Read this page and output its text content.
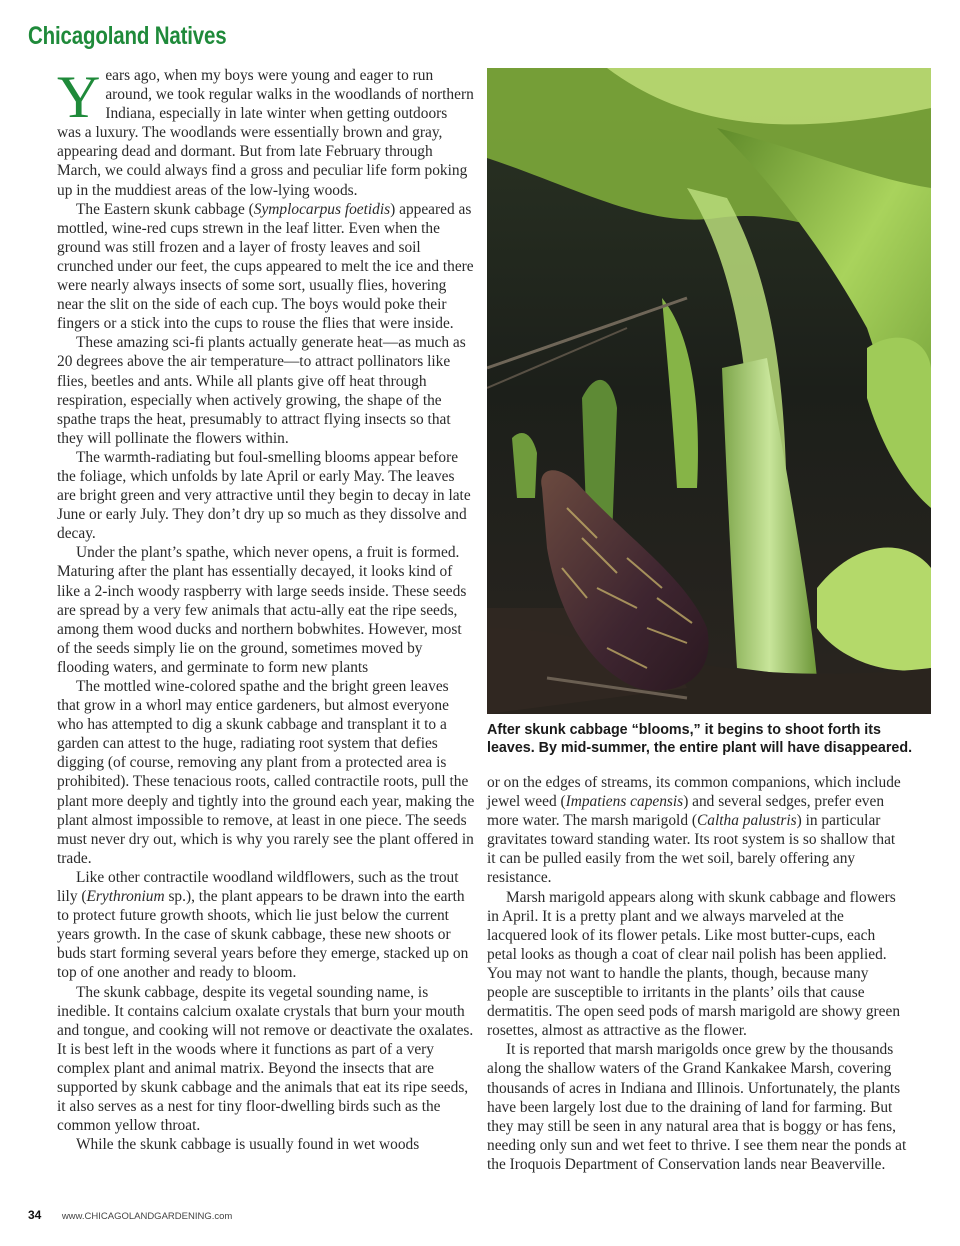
Chicagoland Natives
Y ears ago, when my boys were young and eager to run around, we took regular walks in the woodlands of northern Indiana, especially in late winter when getting outdoors was a luxury. The woodlands were essentially brown and gray, appearing dead and dormant. But from late February through March, we could always find a gross and peculiar life form poking up in the muddiest areas of the low-lying woods.

The Eastern skunk cabbage (Symplocarpus foetidis) appeared as mottled, wine-red cups strewn in the leaf litter. Even when the ground was still frozen and a layer of frosty leaves and soil crunched under our feet, the cups appeared to melt the ice and there were nearly always insects of some sort, usually flies, hovering near the slit on the side of each cup. The boys would poke their fingers or a stick into the cups to rouse the flies that were inside.

These amazing sci-fi plants actually generate heat—as much as 20 degrees above the air temperature—to attract pollinators like flies, beetles and ants. While all plants give off heat through respiration, especially when actively growing, the shape of the spathe traps the heat, presumably to attract flying insects so that they will pollinate the flowers within.

The warmth-radiating but foul-smelling blooms appear before the foliage, which unfolds by late April or early May. The leaves are bright green and very attractive until they begin to decay in late June or early July. They don’t dry up so much as they dissolve and decay.

Under the plant’s spathe, which never opens, a fruit is formed. Maturing after the plant has essentially decayed, it looks kind of like a 2-inch woody raspberry with large seeds inside. These seeds are spread by a very few animals that actu-ally eat the ripe seeds, among them wood ducks and northern bobwhites. However, most of the seeds simply lie on the ground, sometimes moved by flooding waters, and germinate to form new plants

The mottled wine-colored spathe and the bright green leaves that grow in a whorl may entice gardeners, but almost everyone who has attempted to dig a skunk cabbage and transplant it to a garden can attest to the huge, radiating root system that defies digging (of course, removing any plant from a protected area is prohibited). These tenacious roots, called contractile roots, pull the plant more deeply and tightly into the ground each year, making the plant almost impossible to remove, at least in one piece. The seeds must never dry out, which is why you rarely see the plant offered in trade.

Like other contractile woodland wildflowers, such as the trout lily (Erythronium sp.), the plant appears to be drawn into the earth to protect future growth shoots, which lie just below the current years growth. In the case of skunk cabbage, these new shoots or buds start forming several years before they emerge, stacked up on top of one another and ready to bloom.

The skunk cabbage, despite its vegetal sounding name, is inedible. It contains calcium oxalate crystals that burn your mouth and tongue, and cooking will not remove or deactivate the oxalates. It is best left in the woods where it functions as part of a very complex plant and animal matrix. Beyond the insects that are supported by skunk cabbage and the animals that eat its ripe seeds, it also serves as a nest for tiny floor-dwelling birds such as the common yellow throat.

While the skunk cabbage is usually found in wet woods

After skunk cabbage “blooms,” it begins to shoot forth its leaves. By mid-summer, the entire plant will have disappeared.

or on the edges of streams, its common companions, which include jewel weed (Impatiens capensis) and several sedges, prefer even more water. The marsh marigold (Caltha palustris) in particular gravitates toward standing water. Its root system is so shallow that it can be pulled easily from the wet soil, barely offering any resistance.

Marsh marigold appears along with skunk cabbage and flowers in April. It is a pretty plant and we always marveled at the lacquered look of its flower petals. Like most butter-cups, each petal looks as though a coat of clear nail polish has been applied. You may not want to handle the plants, though, because many people are susceptible to irritants in the plants’ oils that cause dermatitis. The open seed pods of marsh marigold are showy green rosettes, almost as attractive as the flower.

It is reported that marsh marigolds once grew by the thousands along the shallow waters of the Grand Kankakee Marsh, covering thousands of acres in Indiana and Illinois. Unfortunately, the plants have been largely lost due to the draining of land for farming. But they may still be seen in any natural area that is boggy or has fens, needing only sun and wet feet to thrive. I see them near the ponds at the Iroquois Department of Conservation lands near Beaverville.

34 www.CHICAGOLANDGARDENING.com
